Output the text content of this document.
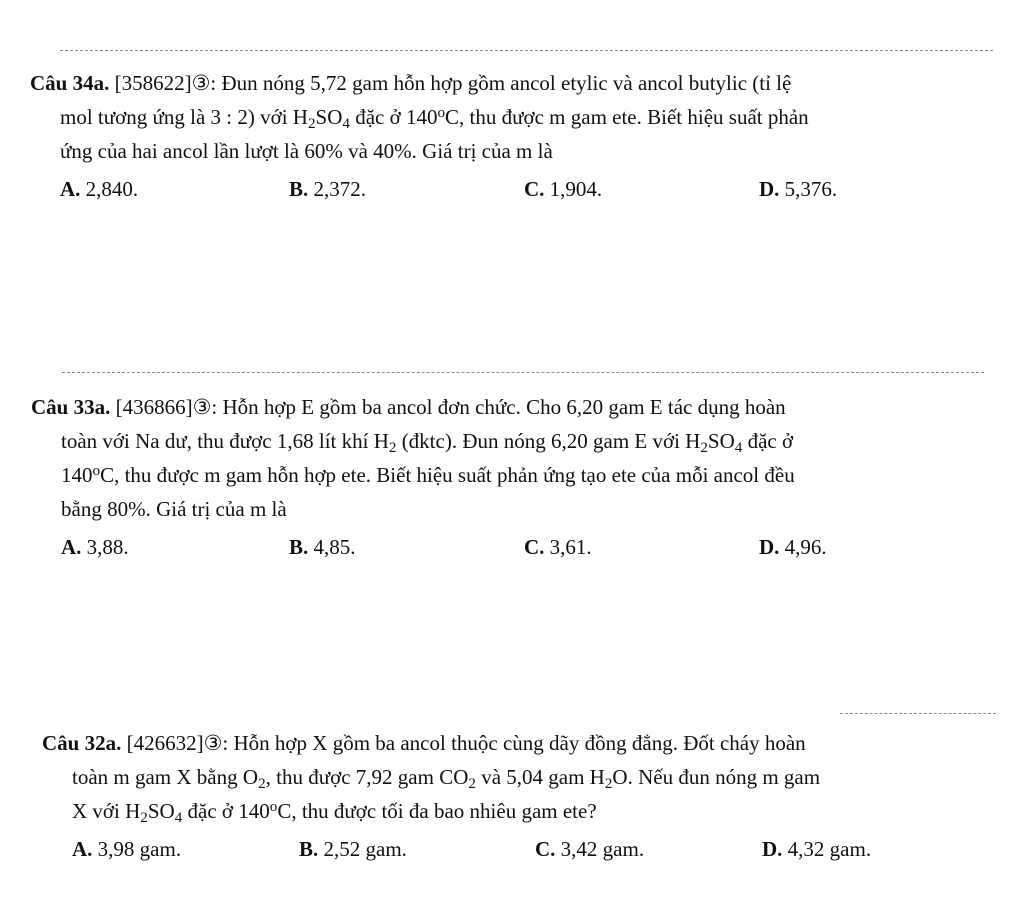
Câu 34a. [358622]③: Đun nóng 5,72 gam hỗn hợp gồm ancol etylic và ancol butylic (tỉ lệ
mol tương ứng là 3 : 2) với $H_2SO_4$ đặc ở 140$^o$C, thu được m gam ete. Biết hiệu suất phản
ứng của hai ancol lần lượt là 60% và 40%. Giá trị của m là

A. 2,840.	B. 2,372.	C. 1,904.	D. 5,376.

Câu 33a. [436866]③: Hỗn hợp E gồm ba ancol đơn chức. Cho 6,20 gam E tác dụng hoàn
toàn với Na dư, thu được 1,68 lít khí $H_2$ (đktc). Đun nóng 6,20 gam E với $H_2SO_4$ đặc ở
140$^o$C, thu được m gam hỗn hợp ete. Biết hiệu suất phản ứng tạo ete của mỗi ancol đều
bằng 80%. Giá trị của m là

A. 3,88.	B. 4,85.	C. 3,61.	D. 4,96.

Câu 32a. [426632]③: Hỗn hợp X gồm ba ancol thuộc cùng dãy đồng đẳng. Đốt cháy hoàn
toàn m gam X bằng $O_2$, thu được 7,92 gam $CO_2$ và 5,04 gam $H_2O$. Nếu đun nóng m gam
X với $H_2SO_4$ đặc ở 140$^o$C, thu được tối đa bao nhiêu gam ete?

A. 3,98 gam.	B. 2,52 gam.	C. 3,42 gam.	D. 4,32 gam.
